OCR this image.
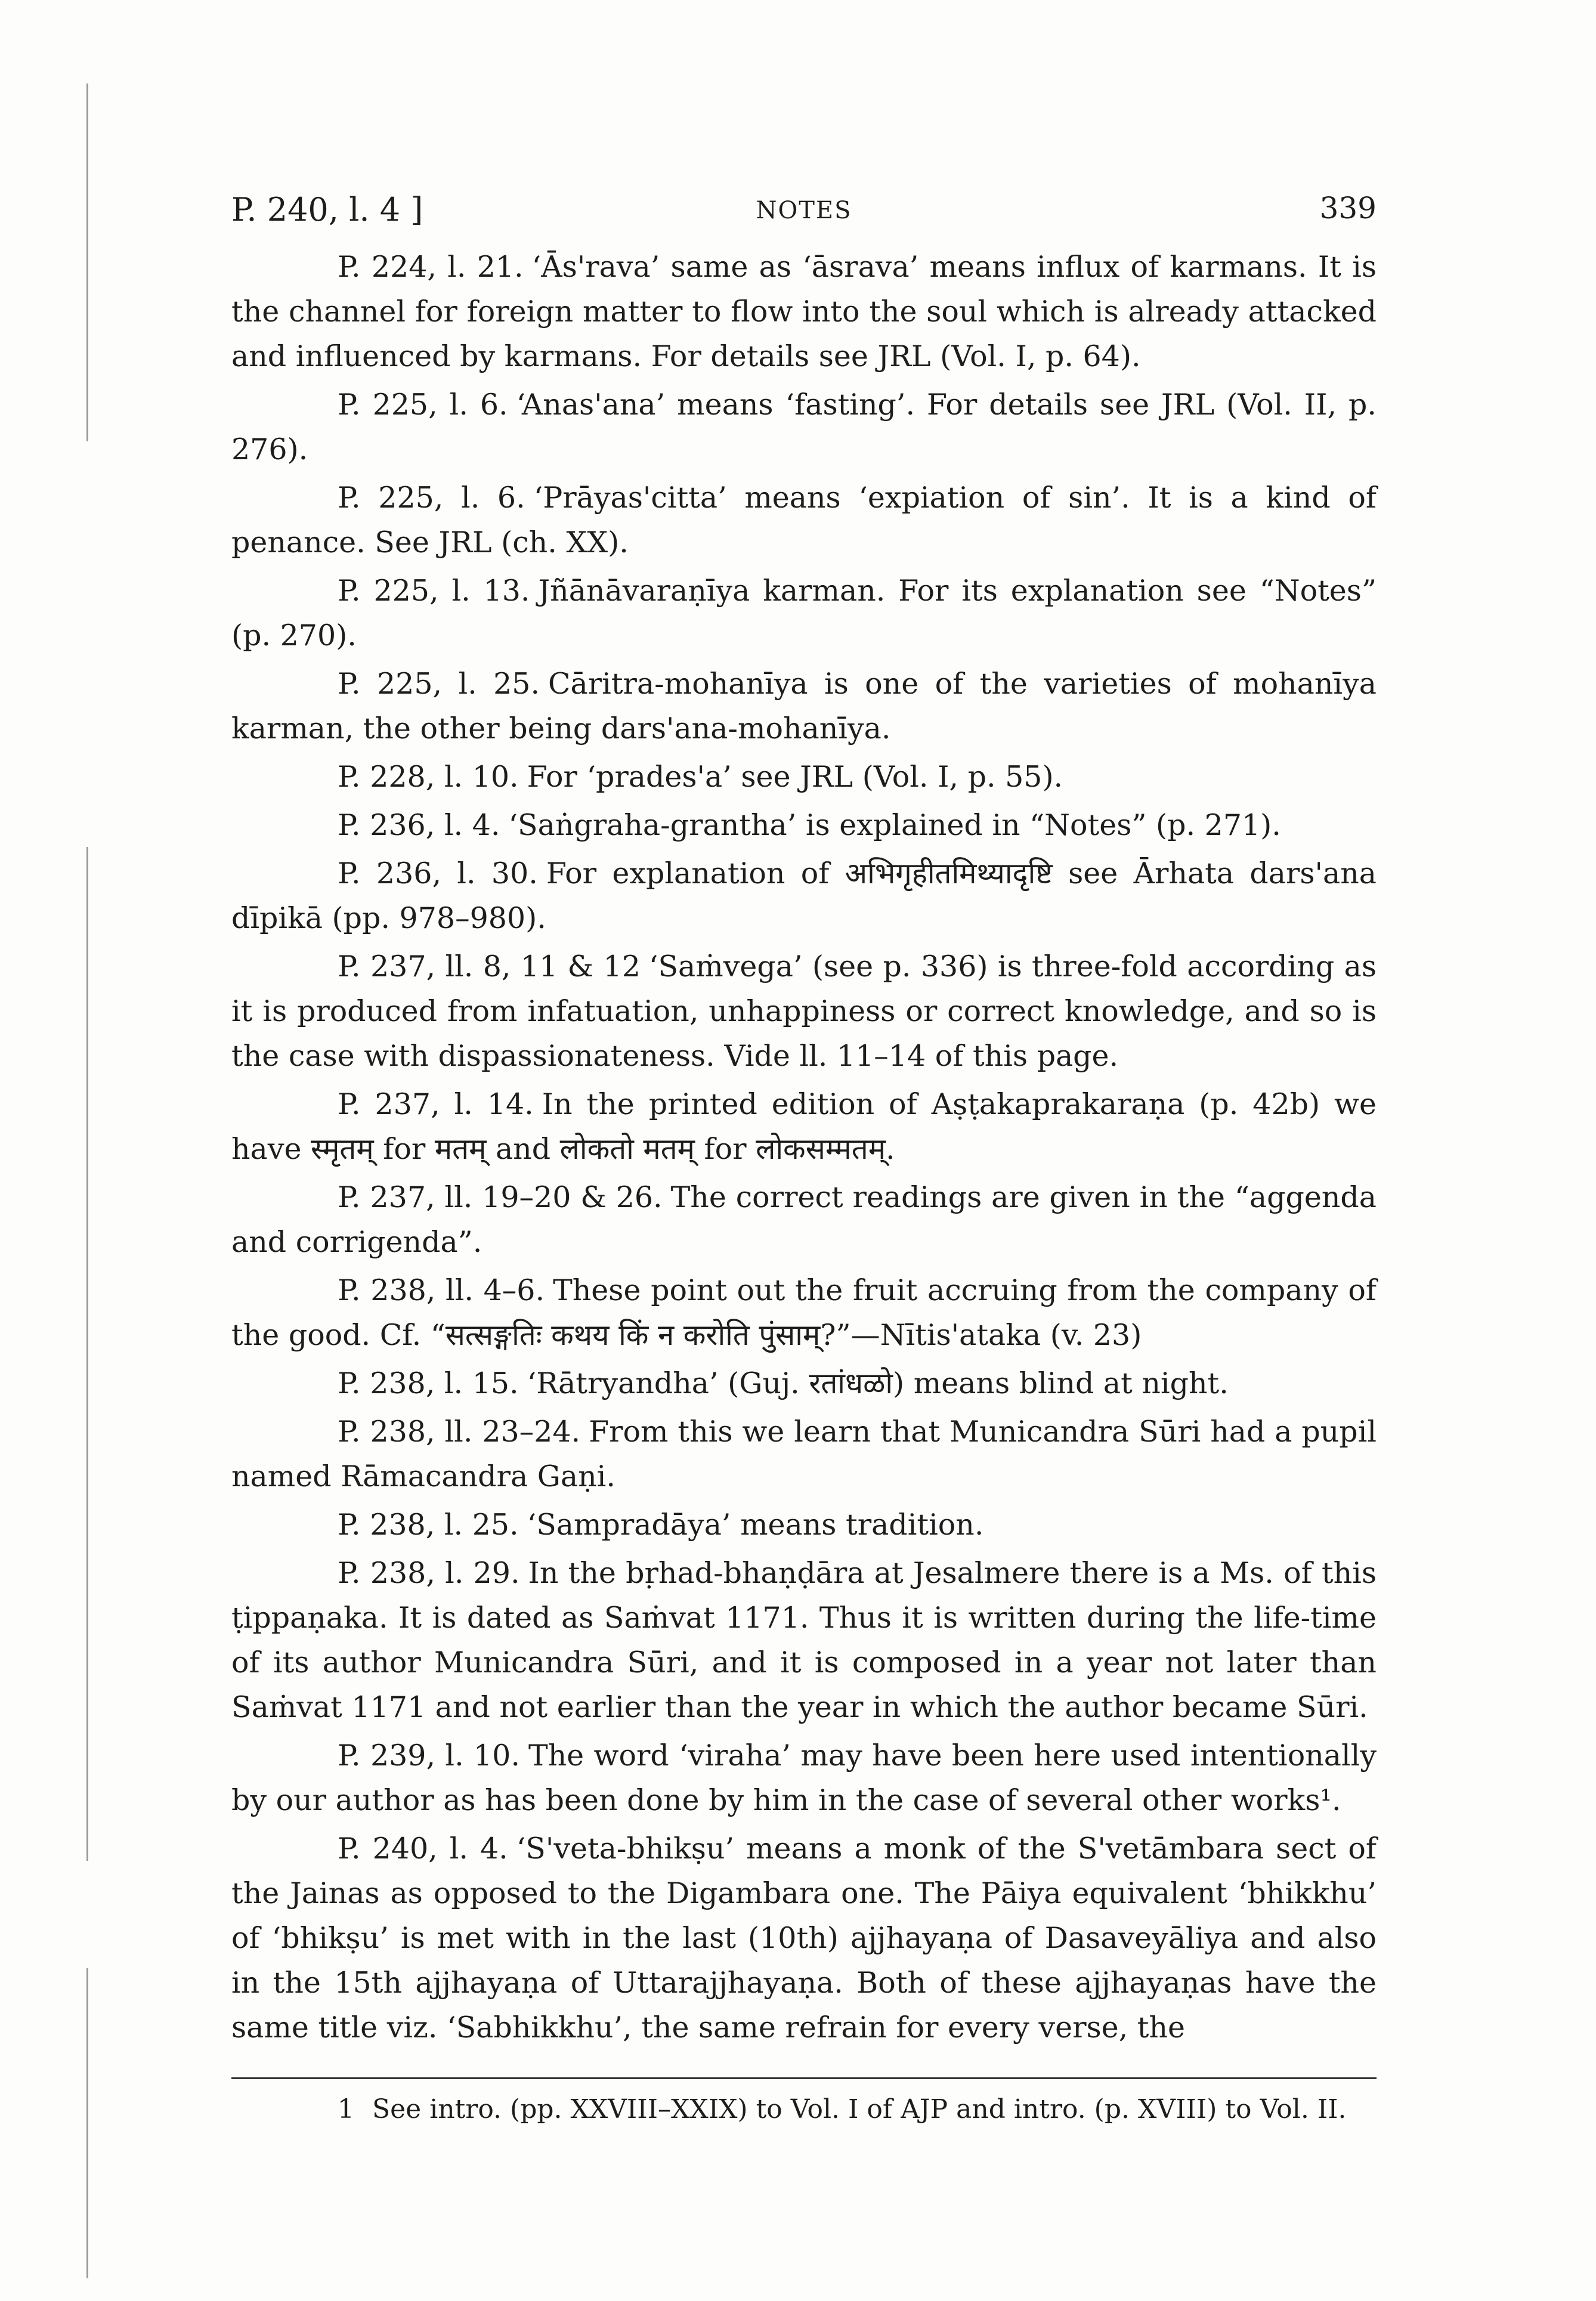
P. 240, l. 4 ]	NOTES	339

P. 224, l. 21. ‘Ās'rava’ same as ‘āsrava’ means influx of karmans. It is the channel for foreign matter to flow into the soul which is already attacked and influenced by karmans. For details see JRL (Vol. I, p. 64).

P. 225, l. 6. ‘Anas'ana’ means ‘fasting’. For details see JRL (Vol. II, p. 276).

P. 225, l. 6. ‘Prāyas'citta’ means ‘expiation of sin’. It is a kind of penance. See JRL (ch. XX).

P. 225, l. 13. Jñānāvaraṇīya karman. For its explanation see “Notes” (p. 270).

P. 225, l. 25. Cāritra-mohanīya is one of the varieties of mohanīya karman, the other being dars'ana-mohanīya.

P. 228, l. 10. For ‘prades'a’ see JRL (Vol. I, p. 55).

P. 236, l. 4. ‘Saṅgraha-grantha’ is explained in “Notes” (p. 271).

P. 236, l. 30. For explanation of अभिगृहीतमिथ्यादृष्टि see Ārhata dars'ana dīpikā (pp. 978–980).

P. 237, ll. 8, 11 & 12 ‘Saṁvega’ (see p. 336) is three-fold according as it is produced from infatuation, unhappiness or correct knowledge, and so is the case with dispassionateness. Vide ll. 11–14 of this page.

P. 237, l. 14. In the printed edition of Aṣṭakaprakaraṇa (p. 42b) we have स्मृतम् for मतम् and लोकतो मतम् for लोकसम्मतम्.

P. 237, ll. 19–20 & 26. The correct readings are given in the “aggenda and corrigenda”.

P. 238, ll. 4–6. These point out the fruit accruing from the company of the good. Cf. “सत्सङ्गतिः कथय किं न करोति पुंसाम्?”—Nītis'ataka (v. 23)

P. 238, l. 15. ‘Rātryandha’ (Guj. रतांधळो) means blind at night.

P. 238, ll. 23–24. From this we learn that Municandra Sūri had a pupil named Rāmacandra Gaṇi.

P. 238, l. 25. ‘Sampradāya’ means tradition.

P. 238, l. 29. In the bṛhad-bhaṇḍāra at Jesalmere there is a Ms. of this ṭippaṇaka. It is dated as Saṁvat 1171. Thus it is written during the life-time of its author Municandra Sūri, and it is composed in a year not later than Saṁvat 1171 and not earlier than the year in which the author became Sūri.

P. 239, l. 10. The word ‘viraha’ may have been here used intentionally by our author as has been done by him in the case of several other works¹.

P. 240, l. 4. ‘S'veta-bhikṣu’ means a monk of the S'vetāmbara sect of the Jainas as opposed to the Digambara one. The Pāiya equivalent ‘bhikkhu’ of ‘bhikṣu’ is met with in the last (10th) ajjhayaṇa of Dasaveyāliya and also in the 15th ajjhayaṇa of Uttarajjhayaṇa. Both of these ajjhayaṇas have the same title viz. ‘Sabhikkhu’, the same refrain for every verse, the

1 See intro. (pp. XXVIII–XXIX) to Vol. I of AJP and intro. (p. XVIII) to Vol. II.
